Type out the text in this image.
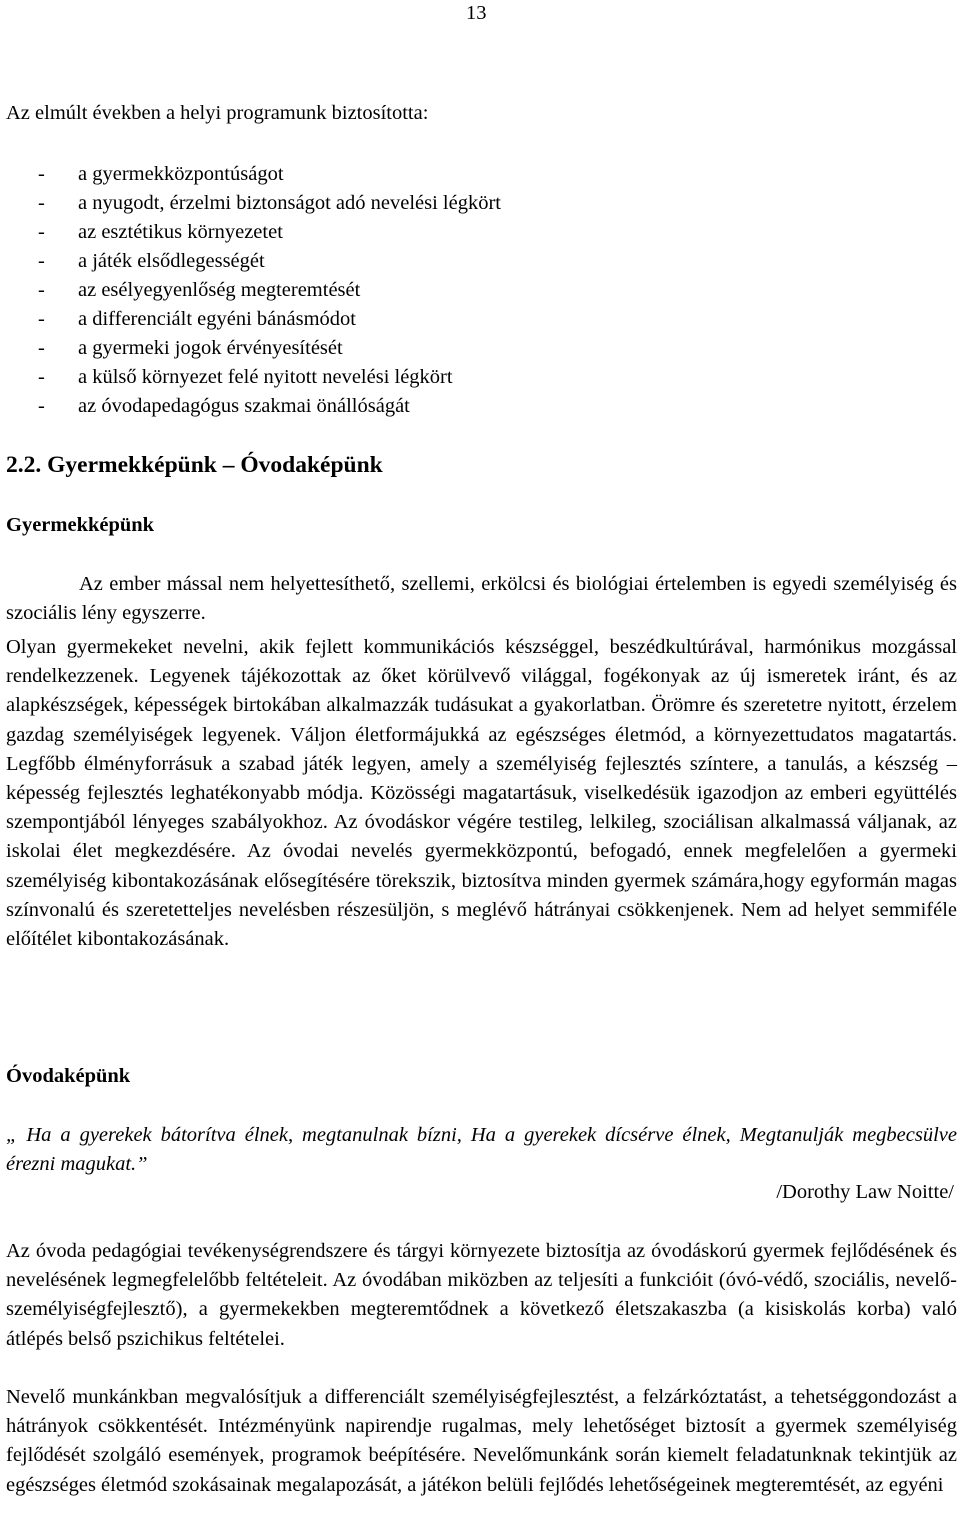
13
Az elmúlt években a helyi programunk biztosította:
- a gyermekközpontúságot
- a nyugodt, érzelmi biztonságot adó nevelési légkört
- az esztétikus környezetet
- a játék elsődlegességét
- az esélyegyenlőség megteremtését
- a differenciált egyéni bánásmódot
- a gyermeki jogok érvényesítését
- a külső környezet felé nyitott nevelési légkört
- az óvodapedagógus szakmai önállóságát
2.2. Gyermekképünk – Óvodaképünk
Gyermekképünk

Az ember mással nem helyettesíthető, szellemi, erkölcsi és biológiai értelemben is egyedi személyiség és szociális lény egyszerre.

Olyan gyermekeket nevelni, akik fejlett kommunikációs készséggel, beszédkultúrával, harmónikus mozgással rendelkezzenek. Legyenek tájékozottak az őket körülvevő világgal, fogékonyak az új ismeretek iránt, és az alapkészségek, képességek birtokában alkalmazzák tudásukat a gyakorlatban. Örömre és szeretetre nyitott, érzelem gazdag személyiségek legyenek. Váljon életformájukká az egészséges életmód, a környezettudatos magatartás. Legfőbb élményforrásuk a szabad játék legyen, amely a személyiség fejlesztés színtere, a tanulás, a készség – képesség fejlesztés leghatékonyabb módja. Közösségi magatartásuk, viselkedésük igazodjon az emberi együttélés szempontjából lényeges szabályokhoz. Az óvodáskor végére testileg, lelkileg, szociálisan alkalmassá váljanak, az iskolai élet megkezdésére. Az óvodai nevelés gyermekközpontú, befogadó, ennek megfelelően a gyermeki személyiség kibontakozásának elősegítésére törekszik, biztosítva minden gyermek számára,hogy egyformán magas színvonalú és szeretetteljes nevelésben részesüljön, s meglévő hátrányai csökkenjenek. Nem ad helyet semmiféle előítélet kibontakozásának.

Óvodaképünk

„ Ha a gyerekek bátorítva élnek, megtanulnak bízni, Ha a gyerekek dícsérve élnek, Megtanulják megbecsülve érezni magukat.”

/Dorothy Law Noitte/

Az óvoda pedagógiai tevékenységrendszere és tárgyi környezete biztosítja az óvodáskorú gyermek fejlődésének és nevelésének legmegfelelőbb feltételeit. Az óvodában miközben az teljesíti a funkcióit (óvó-védő, szociális, nevelő-személyiségfejlesztő), a gyermekekben megteremtődnek a következő életszakaszba (a kisiskolás korba) való átlépés belső pszichikus feltételei.

Nevelő munkánkban megvalósítjuk a differenciált személyiségfejlesztést, a felzárkóztatást, a tehetséggondozást a hátrányok csökkentését. Intézményünk napirendje rugalmas, mely lehetőséget biztosít a gyermek személyiség fejlődését szolgáló események, programok beépítésére. Nevelőmunkánk során kiemelt feladatunknak tekintjük az egészséges életmód szokásainak megalapozását, a játékon belüli fejlődés lehetőségeinek megteremtését, az egyéni
